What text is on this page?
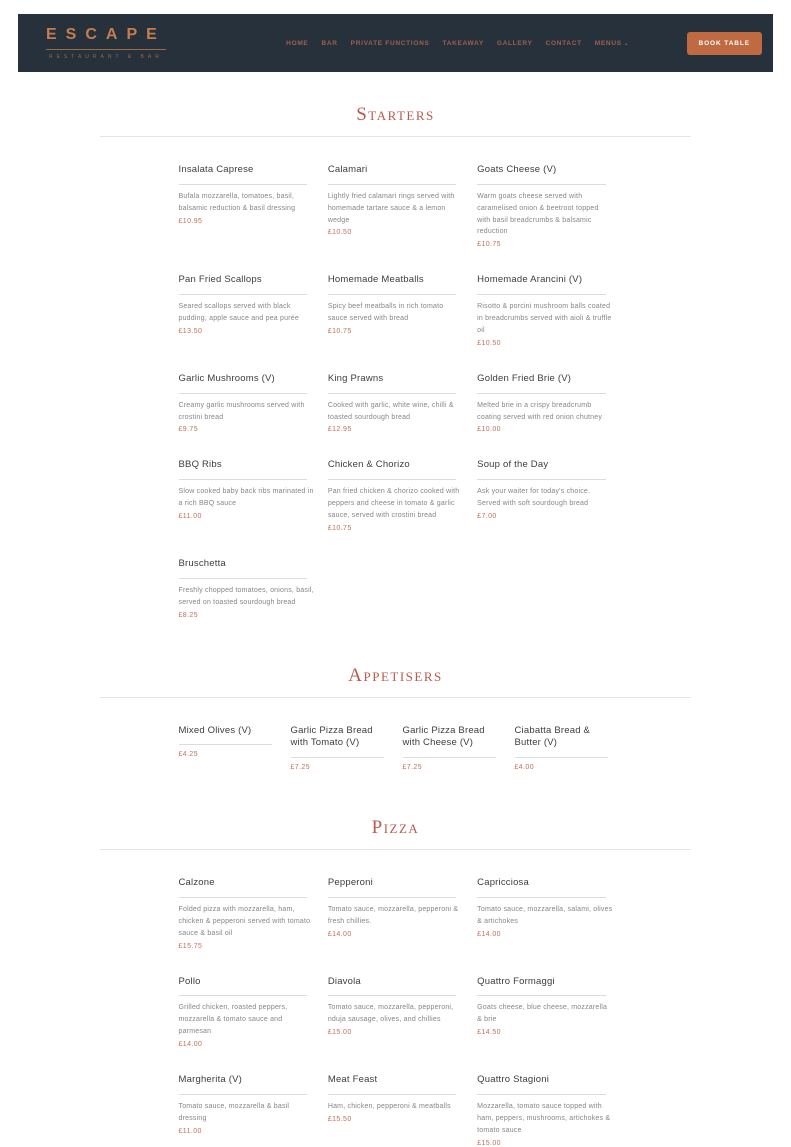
ESCAPE
RESTAURANT & BAR
HOME BAR PRIVATE FUNCTIONS TAKEAWAY GALLERY CONTACT MENUS ⌄	BOOK TABLE
Starters
Insalata Caprese

Bufala mozzarella, tomatoes, basil, balsamic reduction & basil dressing

£10.95
Calamari

Lightly fried calamari rings served with homemade tartare sauce & a lemon wedge

£10.50
Goats Cheese (V)

Warm goats cheese served with caramelised onion & beetroot topped with basil breadcrumbs & balsamic reduction

£10.75
Pan Fried Scallops

Seared scallops served with black pudding, apple sauce and pea purée

£13.50
Homemade Meatballs

Spicy beef meatballs in rich tomato sauce served with bread

£10.75
Homemade Arancini (V)

Risotto & porcini mushroom balls coated in breadcrumbs served with aioli & truffle oil

£10.50
Garlic Mushrooms (V)

Creamy garlic mushrooms served with crostini bread

£9.75
King Prawns

Cooked with garlic, white wine, chilli & toasted sourdough bread

£12.95
Golden Fried Brie (V)

Melted brie in a crispy breadcrumb coating served with red onion chutney

£10.00
BBQ Ribs

Slow cooked baby back ribs marinated in a rich BBQ sauce

£11.00
Chicken & Chorizo

Pan fried chicken & chorizo cooked with peppers and cheese in tomato & garlic sauce, served with crostini bread

£10.75
Soup of the Day

Ask your waiter for today's choice. Served with soft sourdough bread

£7.00
Bruschetta

Freshly chopped tomatoes, onions, basil, served on toasted sourdough bread

£8.25
Appetisers
Mixed Olives (V)
£4.25
Garlic Pizza Bread with Tomato (V)
£7.25
Garlic Pizza Bread with Cheese (V)
£7.25
Ciabatta Bread & Butter (V)
£4.00
Pizza
Calzone

Folded pizza with mozzarella, ham, chicken & pepperoni served with tomato sauce & basil oil

£15.75
Pepperoni

Tomato sauce, mozzarella, pepperoni & fresh chillies.

£14.00
Capricciosa

Tomato sauce, mozzarella, salami, olives & artichokes

£14.00
Pollo

Grilled chicken, roasted peppers, mozzarella & tomato sauce and parmesan

£14.00
Diavola

Tomato sauce, mozzarella, pepperoni, nduja sausage, olives, and chillies

£15.00
Quattro Formaggi

Goats cheese, blue cheese, mozzarella & brie

£14.50
Margherita (V)

Tomato sauce, mozzarella & basil dressing

£11.00
Meat Feast

Ham, chicken, pepperoni & meatballs

£15.50
Quattro Stagioni

Mozzarella, tomato sauce topped with ham, peppers, mushrooms, artichokes & tomato sauce

£15.00
